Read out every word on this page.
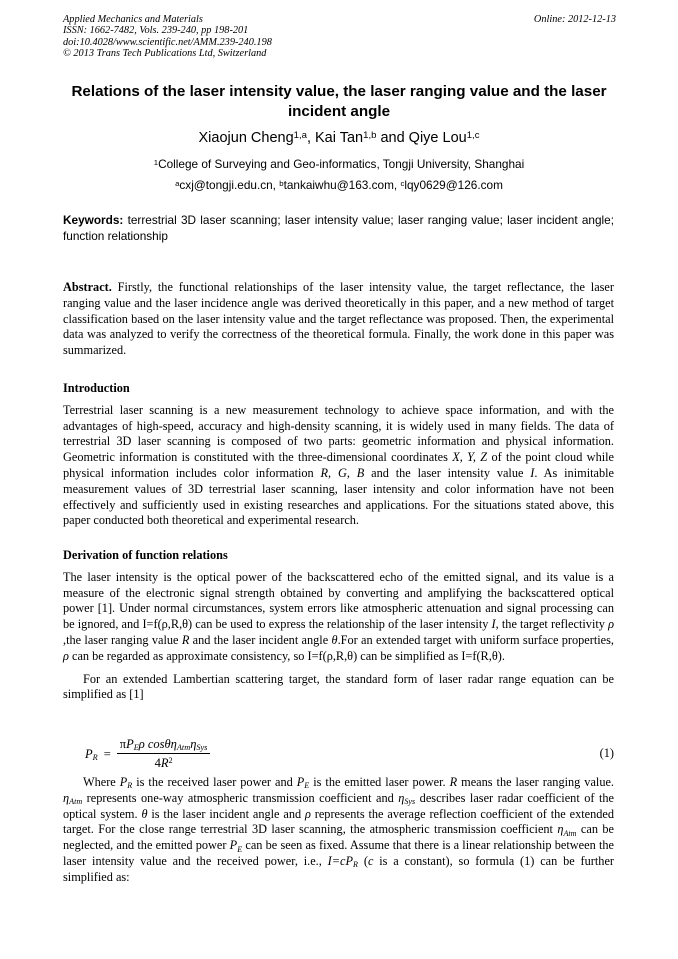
Applied Mechanics and Materials
ISSN: 1662-7482, Vols. 239-240, pp 198-201
doi:10.4028/www.scientific.net/AMM.239-240.198
© 2013 Trans Tech Publications Ltd, Switzerland
Online: 2012-12-13
Relations of the laser intensity value, the laser ranging value and the laser incident angle
Xiaojun Cheng$^{1,a}$, Kai Tan$^{1,b}$ and Qiye Lou$^{1,c}$
$^1$College of Surveying and Geo-informatics, Tongji University, Shanghai
$^a$cxj@tongji.edu.cn, $^b$tankaiwhu@163.com, $^c$lqy0629@126.com
Keywords: terrestrial 3D laser scanning; laser intensity value; laser ranging value; laser incident angle; function relationship

Abstract. Firstly, the functional relationships of the laser intensity value, the target reflectance, the laser ranging value and the laser incidence angle was derived theoretically in this paper, and a new method of target classification based on the laser intensity value and the target reflectance was proposed. Then, the experimental data was analyzed to verify the correctness of the theoretical formula. Finally, the work done in this paper was summarized.

Introduction

Terrestrial laser scanning is a new measurement technology to achieve space information, and with the advantages of high-speed, accuracy and high-density scanning, it is widely used in many fields. The data of terrestrial 3D laser scanning is composed of two parts: geometric information and physical information. Geometric information is constituted with the three-dimensional coordinates X, Y, Z of the point cloud while physical information includes color information R, G, B and the laser intensity value I. As inimitable measurement values of 3D terrestrial laser scanning, laser intensity and color information have not been effectively and sufficiently used in existing researches and applications. For the situations stated above, this paper conducted both theoretical and experimental research.

Derivation of function relations

The laser intensity is the optical power of the backscattered echo of the emitted signal, and its value is a measure of the electronic signal strength obtained by converting and amplifying the backscattered optical power [1]. Under normal circumstances, system errors like atmospheric attenuation and signal processing can be ignored, and I=f(ρ,R,θ) can be used to express the relationship of the laser intensity I, the target reflectivity ρ ,the laser ranging value R and the laser incident angle θ.For an extended target with uniform surface properties, ρ can be regarded as approximate consistency, so I=f(ρ,R,θ) can be simplified as I=f(R,θ).

For an extended Lambertian scattering target, the standard form of laser radar range equation can be simplified as [1]

$P_R= \frac{\pi P_E\rho \cos\theta\eta_{Atm}\eta_{Sys}}{4R^2}$	(1)

Where $P_R$ is the received laser power and $P_E$ is the emitted laser power. R means the laser ranging value. $\eta_{Atm}$ represents one-way atmospheric transmission coefficient and $\eta_{Sys}$ describes laser radar coefficient of the optical system. θ is the laser incident angle and ρ represents the average reflection coefficient of the extended target. For the close range terrestrial 3D laser scanning, the atmospheric transmission coefficient $\eta_{Atm}$ can be neglected, and the emitted power $P_E$ can be seen as fixed. Assume that there is a linear relationship between the laser intensity value and the received power, i.e., $I=cP_R$ (c is a constant), so formula (1) can be further simplified as:
